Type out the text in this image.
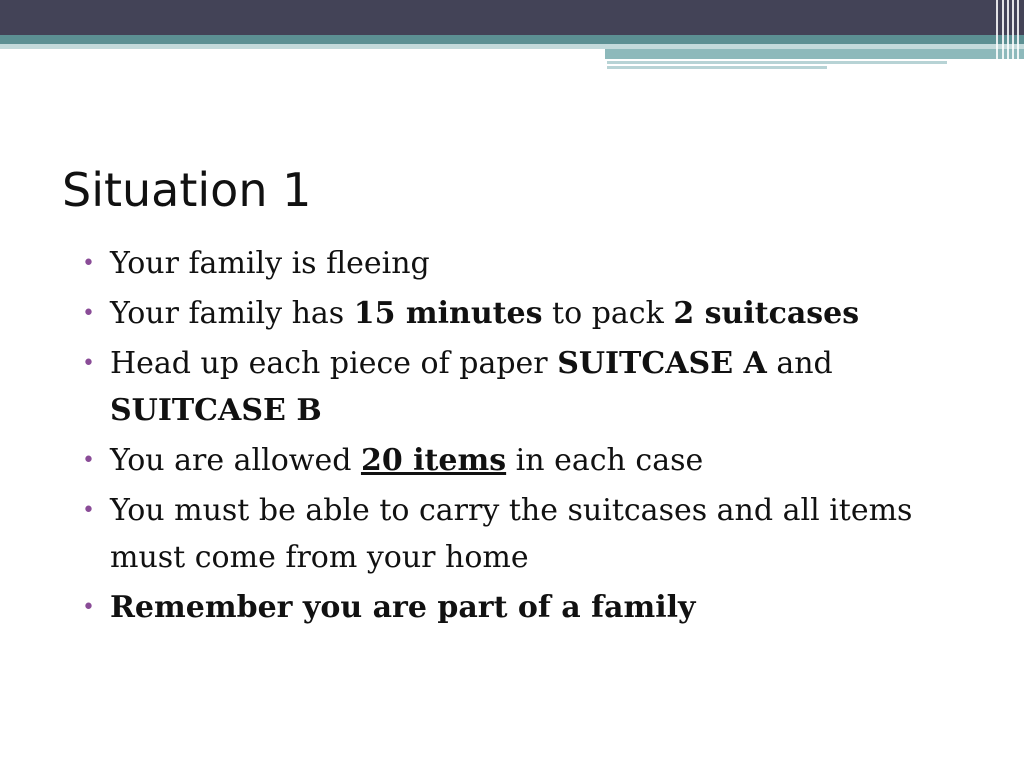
Situation 1
• Your family is fleeing
• Your family has 15 minutes to pack 2 suitcases
• Head up each piece of paper SUITCASE A and SUITCASE B
• You are allowed 20 items in each case
• You must be able to carry the suitcases and all items must come from your home
• Remember you are part of a family
